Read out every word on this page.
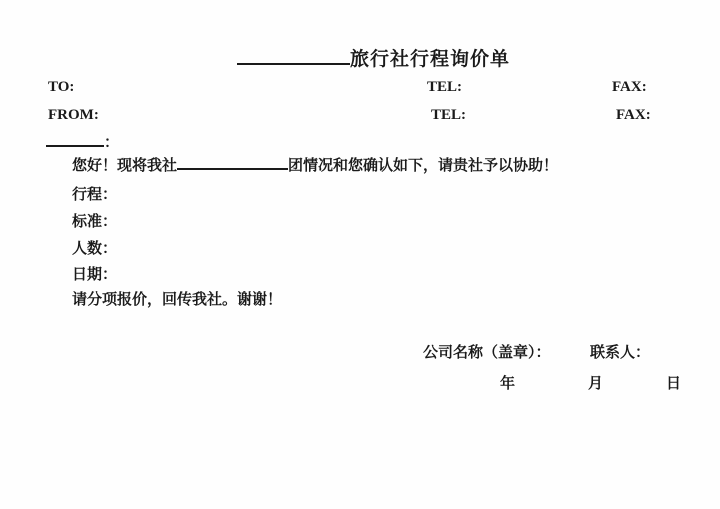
旅行社行程询价单
TO:	TEL:	FAX:
FROM:	TEL:	FAX:
：
您好！现将我社	团情况和您确认如下，请贵社予以协助！
行程：
标准：
人数：
日期：
请分项报价，回传我社。谢谢！
公司名称（盖章）：	联系人：
年	月	日
